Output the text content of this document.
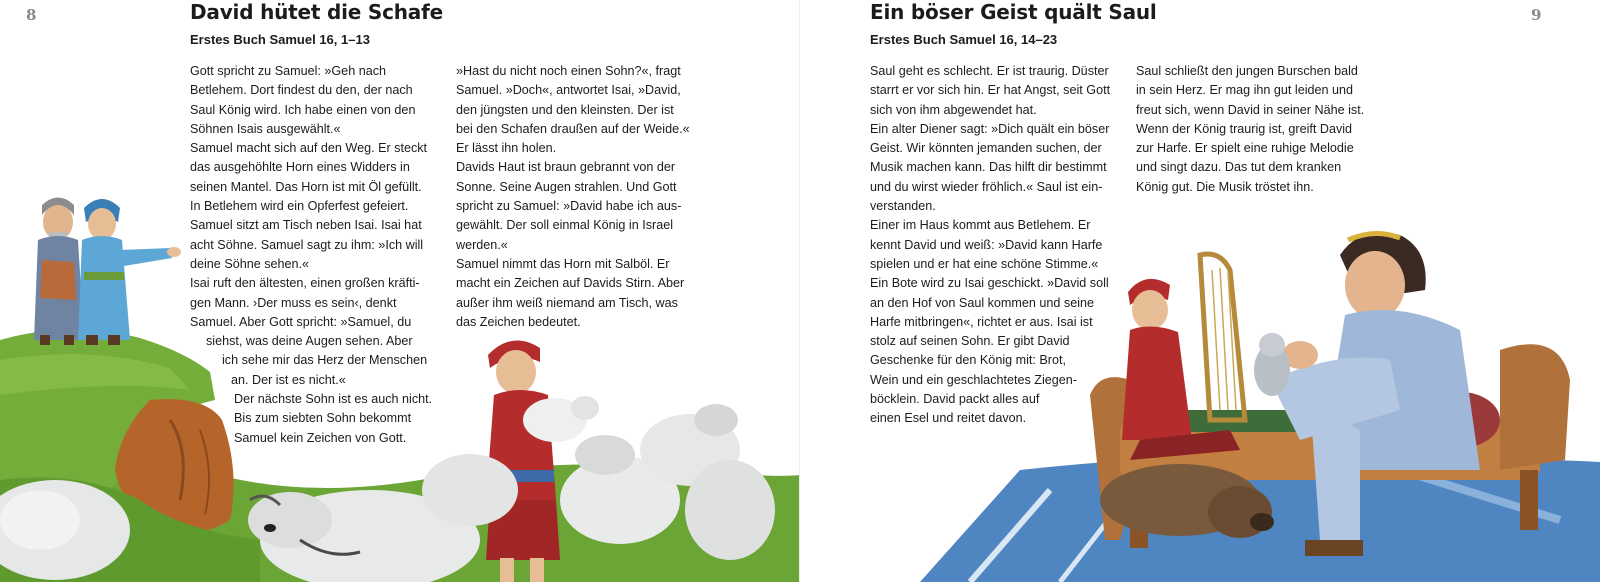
8	David hütet die Schafe
Erstes Buch Samuel 16, 1–13

Gott spricht zu Samuel: »Geh nach

Betlehem. Dort findest du den, der nach

Saul König wird. Ich habe einen von den

Söhnen Isais ausgewählt.«

Samuel macht sich auf den Weg. Er steckt

das ausgehöhlte Horn eines Widders in

seinen Mantel. Das Horn ist mit Öl gefüllt.

In Betlehem wird ein Opferfest gefeiert.

Samuel sitzt am Tisch neben Isai. Isai hat

acht Söhne. Samuel sagt zu ihm: »Ich will

deine Söhne sehen.«

Isai ruft den ältesten, einen großen kräfti-

gen Mann. ›Der muss es sein‹, denkt

Samuel. Aber Gott spricht: »Samuel, du

siehst, was deine Augen sehen. Aber

ich sehe mir das Herz der Menschen

an. Der ist es nicht.«

Der nächste Sohn ist es auch nicht.

Bis zum siebten Sohn bekommt

Samuel kein Zeichen von Gott.

»Hast du nicht noch einen Sohn?«, fragt

Samuel. »Doch«, antwortet Isai, »David,

den jüngsten und den kleinsten. Der ist

bei den Schafen draußen auf der Weide.«

Er lässt ihn holen.

Davids Haut ist braun gebrannt von der

Sonne. Seine Augen strahlen. Und Gott

spricht zu Samuel: »David habe ich aus-

gewählt. Der soll einmal König in Israel

werden.«

Samuel nimmt das Horn mit Salböl. Er

macht ein Zeichen auf Davids Stirn. Aber

außer ihm weiß niemand am Tisch, was

das Zeichen bedeutet.

9
Ein böser Geist quält Saul
Erstes Buch Samuel 16, 14–23

Saul geht es schlecht. Er ist traurig. Düster

starrt er vor sich hin. Er hat Angst, seit Gott

sich von ihm abgewendet hat.

Ein alter Diener sagt: »Dich quält ein böser

Geist. Wir könnten jemanden suchen, der

Musik machen kann. Das hilft dir bestimmt

und du wirst wieder fröhlich.« Saul ist ein-

verstanden.

Einer im Haus kommt aus Betlehem. Er

kennt David und weiß: »David kann Harfe

spielen und er hat eine schöne Stimme.«

Ein Bote wird zu Isai geschickt. »David soll

an den Hof von Saul kommen und seine

Harfe mitbringen«, richtet er aus. Isai ist

stolz auf seinen Sohn. Er gibt David

Geschenke für den König mit: Brot,

Wein und ein geschlachtetes Ziegen-

böcklein. David packt alles auf

einen Esel und reitet davon.

Saul schließt den jungen Burschen bald

in sein Herz. Er mag ihn gut leiden und

freut sich, wenn David in seiner Nähe ist.

Wenn der König traurig ist, greift David

zur Harfe. Er spielt eine ruhige Melodie

und singt dazu. Das tut dem kranken

König gut. Die Musik tröstet ihn.
